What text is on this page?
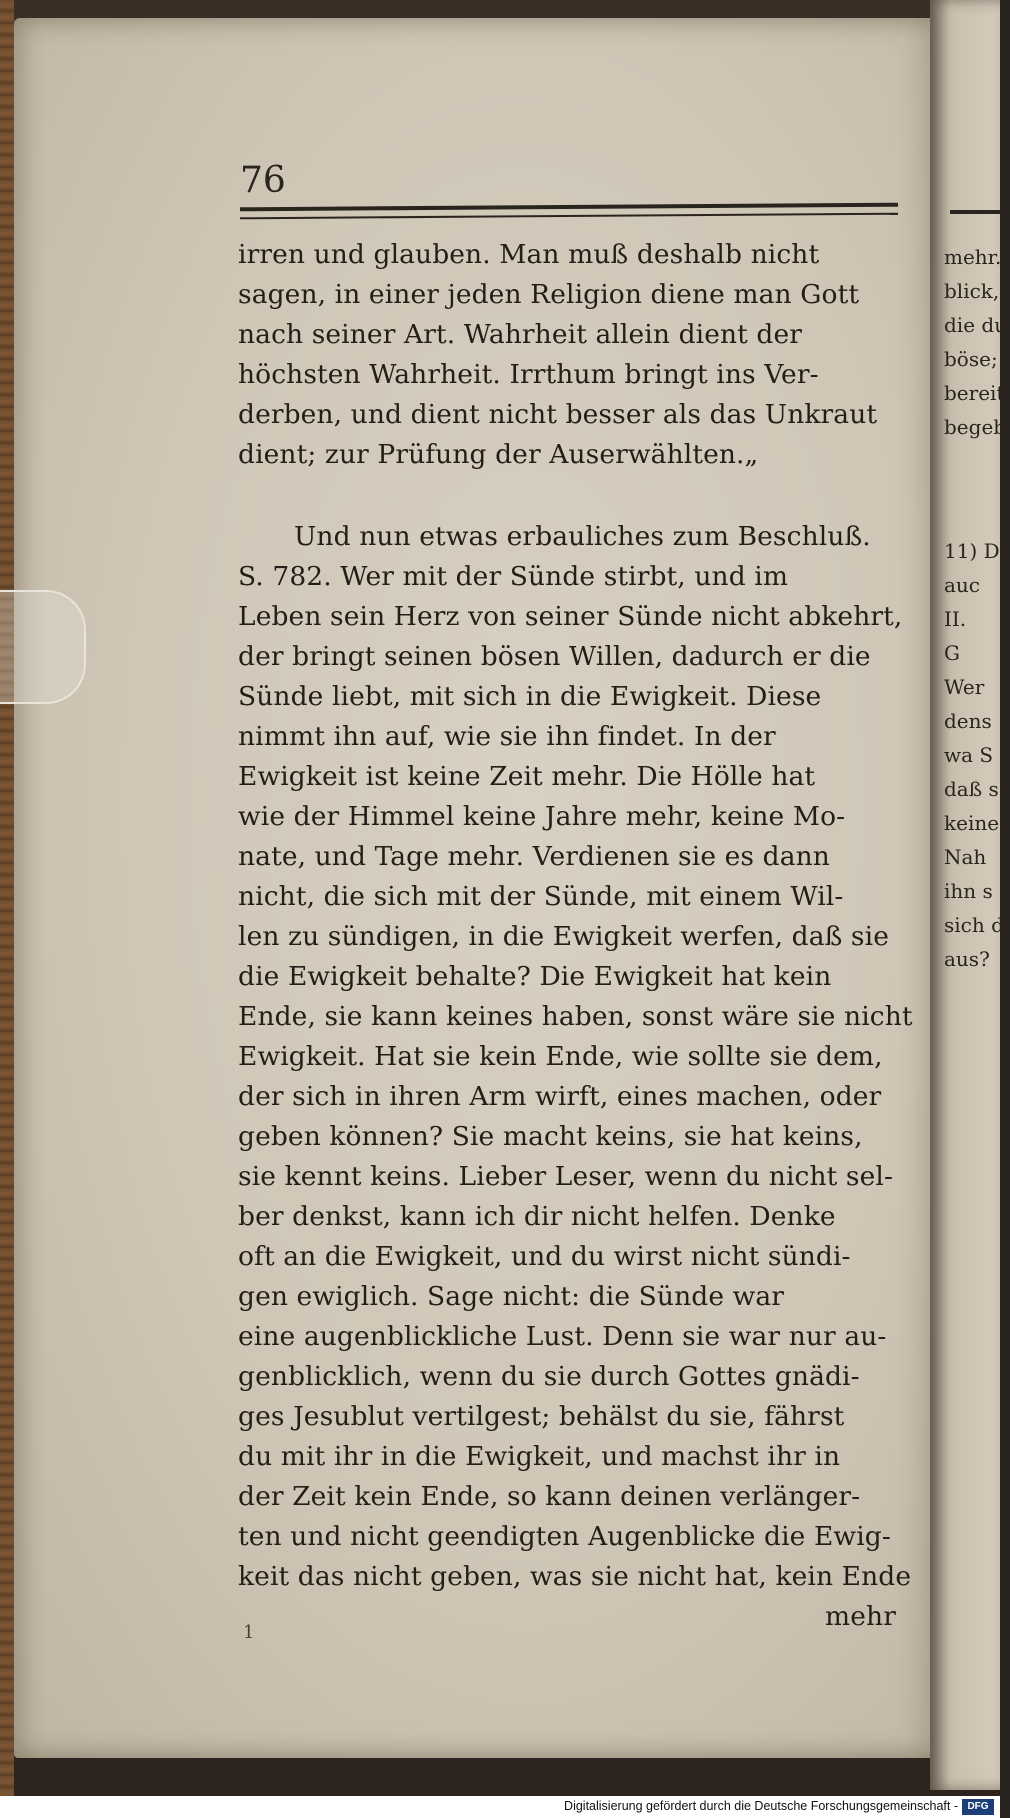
mehr.
blick,
die du
böse;
bereit
begeb
11) D
auc
II.
G
Wer
dens
wa S
daß s
keine
Nah
ihn s
sich d
aus?
76
irren und glauben. Man muß deshalb nicht
sagen, in einer jeden Religion diene man Gott
nach seiner Art. Wahrheit allein dient der
höchsten Wahrheit. Irrthum bringt ins Ver-
derben, und dient nicht besser als das Unkraut
dient; zur Prüfung der Auserwählten.„
Und nun etwas erbauliches zum Beschluß.
S. 782. Wer mit der Sünde stirbt, und im
Leben sein Herz von seiner Sünde nicht abkehrt,
der bringt seinen bösen Willen, dadurch er die
Sünde liebt, mit sich in die Ewigkeit. Diese
nimmt ihn auf, wie sie ihn findet. In der
Ewigkeit ist keine Zeit mehr. Die Hölle hat
wie der Himmel keine Jahre mehr, keine Mo-
nate, und Tage mehr. Verdienen sie es dann
nicht, die sich mit der Sünde, mit einem Wil-
len zu sündigen, in die Ewigkeit werfen, daß sie
die Ewigkeit behalte? Die Ewigkeit hat kein
Ende, sie kann keines haben, sonst wäre sie nicht
Ewigkeit. Hat sie kein Ende, wie sollte sie dem,
der sich in ihren Arm wirft, eines machen, oder
geben können? Sie macht keins, sie hat keins,
sie kennt keins. Lieber Leser, wenn du nicht sel-
ber denkst, kann ich dir nicht helfen. Denke
oft an die Ewigkeit, und du wirst nicht sündi-
gen ewiglich. Sage nicht: die Sünde war
eine augenblickliche Lust. Denn sie war nur au-
genblicklich, wenn du sie durch Gottes gnädi-
ges Jesublut vertilgest; behälst du sie, fährst
du mit ihr in die Ewigkeit, und machst ihr in
der Zeit kein Ende, so kann deinen verlänger-
ten und nicht geendigten Augenblicke die Ewig-
keit das nicht geben, was sie nicht hat, kein Ende
mehr
1
Digitalisierung gefördert durch die Deutsche Forschungsgemeinschaft - DFG
